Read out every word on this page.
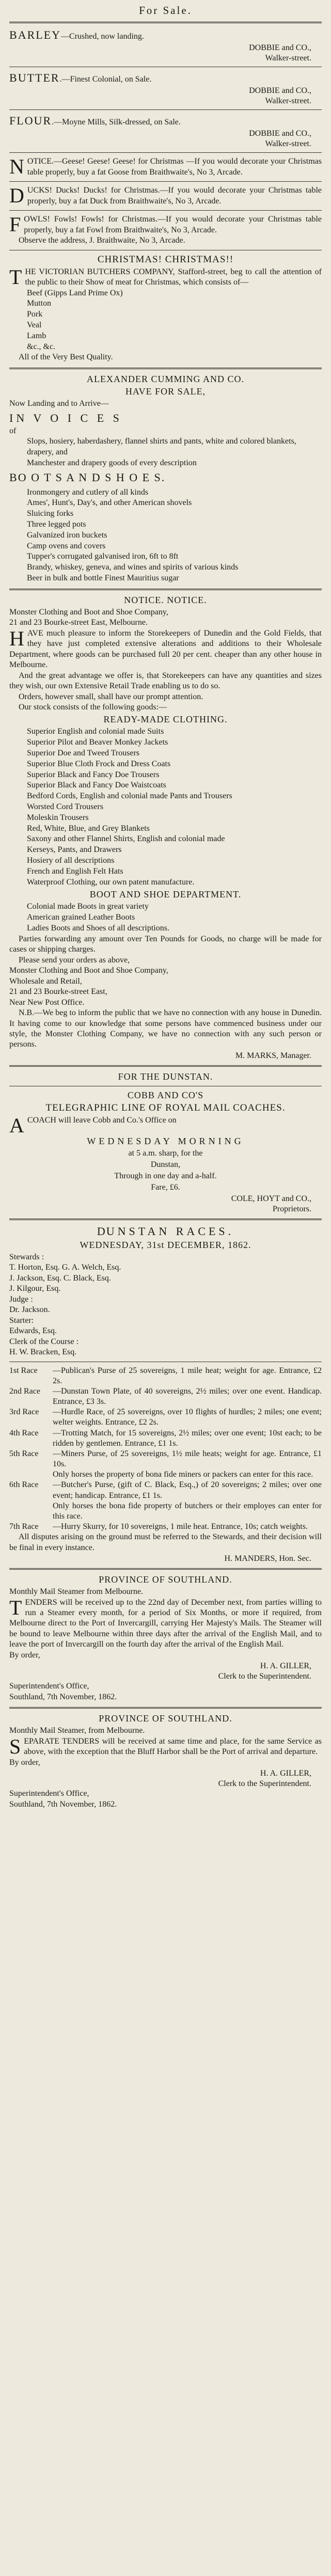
For Sale.
BARLEY—Crushed, now landing.
DOBBIE and CO.,
Walker-street.
BUTTER.—Finest Colonial, on Sale.
DOBBIE and CO.,
Walker-street.
FLOUR.—Moyne Mills, Silk-dressed, on Sale.
DOBBIE and CO.,
Walker-street.
N OTICE.—Geese! Geese! Geese! for Christmas —If you would decorate your Christmas table properly, buy a fat Goose from Braithwaite's, No 3, Arcade.

D UCKS! Ducks! Ducks! for Christmas.—If you would decorate your Christmas table properly, buy a fat Duck from Braithwaite's, No 3, Arcade.

F OWLS! Fowls! Fowls! for Christmas.—If you would decorate your Christmas table properly, buy a fat Fowl from Braithwaite's, No 3, Arcade.

Observe the address, J. Braithwaite, No 3, Arcade.

CHRISTMAS! CHRISTMAS!!
T HE VICTORIAN BUTCHERS COMPANY, Stafford-street, beg to call the attention of the public to their Show of meat for Christmas, which consists of—

Beef (Gipps Land Prime Ox)
Mutton
Pork
Veal
Lamb
&c., &c.

All of the Very Best Quality.

ALEXANDER CUMMING AND CO.
HAVE FOR SALE,
Now Landing and to Arrive—
I N V O I C E S
of
Slops, hosiery, haberdashery, flannel shirts and pants, white and colored blankets, drapery, and
Manchester and drapery goods of every description
BO O T S A N D S H O E S.
Ironmongery and cutlery of all kinds
Ames', Hunt's, Day's, and other American shovels
Sluicing forks
Three legged pots
Galvanized iron buckets
Camp ovens and covers
Tupper's corrugated galvanised iron, 6ft to 8ft
Brandy, whiskey, geneva, and wines and spirits of various kinds
Beer in bulk and bottle Finest Mauritius sugar
NOTICE. NOTICE.
Monster Clothing and Boot and Shoe Company,
21 and 23 Bourke-street East, Melbourne.
H AVE much pleasure to inform the Storekeepers of Dunedin and the Gold Fields, that they have just completed extensive alterations and additions to their Wholesale Department, where goods can be purchased full 20 per cent. cheaper than any other house in Melbourne.

And the great advantage we offer is, that Storekeepers can have any quantities and sizes they wish, our own Extensive Retail Trade enabling us to do so.

Orders, however small, shall have our prompt attention.

Our stock consists of the following goods:—

READY-MADE CLOTHING.
Superior English and colonial made Suits
Superior Pilot and Beaver Monkey Jackets
Superior Doe and Tweed Trousers
Superior Blue Cloth Frock and Dress Coats
Superior Black and Fancy Doe Trousers
Superior Black and Fancy Doe Waistcoats
Bedford Cords, English and colonial made Pants and Trousers
Worsted Cord Trousers
Moleskin Trousers
Red, White, Blue, and Grey Blankets
Saxony and other Flannel Shirts, English and colonial made
Kerseys, Pants, and Drawers
Hosiery of all descriptions
French and English Felt Hats
Waterproof Clothing, our own patent manufacture.
BOOT AND SHOE DEPARTMENT.
Colonial made Boots in great variety
American grained Leather Boots
Ladies Boots and Shoes of all descriptions.

Parties forwarding any amount over Ten Pounds for Goods, no charge will be made for cases or shipping charges.

Please send your orders as above,

Monster Clothing and Boot and Shoe Company,
Wholesale and Retail,
21 and 23 Bourke-street East,
Near New Post Office.

N.B.—We beg to inform the public that we have no connection with any house in Dunedin. It having come to our knowledge that some persons have commenced business under our style, the Monster Clothing Company, we have no connection with any such person or persons.

M. MARKS, Manager.
FOR THE DUNSTAN.
COBB AND CO'S
TELEGRAPHIC LINE OF ROYAL MAIL COACHES.
A COACH will leave Cobb and Co.'s Office on

WEDNESDAY MORNING
at 5 a.m. sharp, for the
Dunstan,
Through in one day and a-half.
Fare, £6.
COLE, HOYT and CO.,
Proprietors.
DUNSTAN RACES.
WEDNESDAY, 31st DECEMBER, 1862.
Stewards :
T. Horton, Esq. G. A. Welch, Esq.
J. Jackson, Esq. C. Black, Esq.
J. Kilgour, Esq.
Judge :
Dr. Jackson.
Starter:
Edwards, Esq.
Clerk of the Course :
H. W. Bracken, Esq.
1st Race	—Publican's Purse of 25 sovereigns, 1 mile heat; weight for age. Entrance, £2 2s.
2nd Race	—Dunstan Town Plate, of 40 sovereigns, 2½ miles; over one event. Handicap. Entrance, £3 3s.
3rd Race	—Hurdle Race, of 25 sovereigns, over 10 flights of hurdles; 2 miles; one event; welter weights. Entrance, £2 2s.
4th Race	—Trotting Match, for 15 sovereigns, 2½ miles; over one event; 10st each; to be ridden by gentlemen. Entrance, £1 1s.
5th Race	—Miners Purse, of 25 sovereigns, 1½ mile heats; weight for age. Entrance, £1 10s.
Only horses the property of bona fide miners or packers can enter for this race.
6th Race	—Butcher's Purse, (gift of C. Black, Esq.,) of 20 sovereigns; 2 miles; over one event; handicap. Entrance, £1 1s.
Only horses the bona fide property of butchers or their employes can enter for this race.
7th Race	—Hurry Skurry, for 10 sovereigns, 1 mile heat. Entrance, 10s; catch weights.

All disputes arising on the ground must be referred to the Stewards, and their decision will be final in every instance.

H. MANDERS, Hon. Sec.
PROVINCE OF SOUTHLAND.
Monthly Mail Steamer from Melbourne.
T ENDERS will be received up to the 22nd day of December next, from parties willing to run a Steamer every month, for a period of Six Months, or more if required, from Melbourne direct to the Port of Invercargill, carrying Her Majesty's Mails. The Steamer will be bound to leave Melbourne within three days after the arrival of the English Mail, and to leave the port of Invercargill on the fourth day after the arrival of the English Mail.

By order,
H. A. GILLER,
Clerk to the Superintendent.
Superintendent's Office,
Southland, 7th November, 1862.
PROVINCE OF SOUTHLAND.
Monthly Mail Steamer, from Melbourne.
S EPARATE TENDERS will be received at same time and place, for the same Service as above, with the exception that the Bluff Harbor shall be the Port of arrival and departure.

By order,
H. A. GILLER,
Clerk to the Superintendent.
Superintendent's Office,
Southland, 7th November, 1862.
